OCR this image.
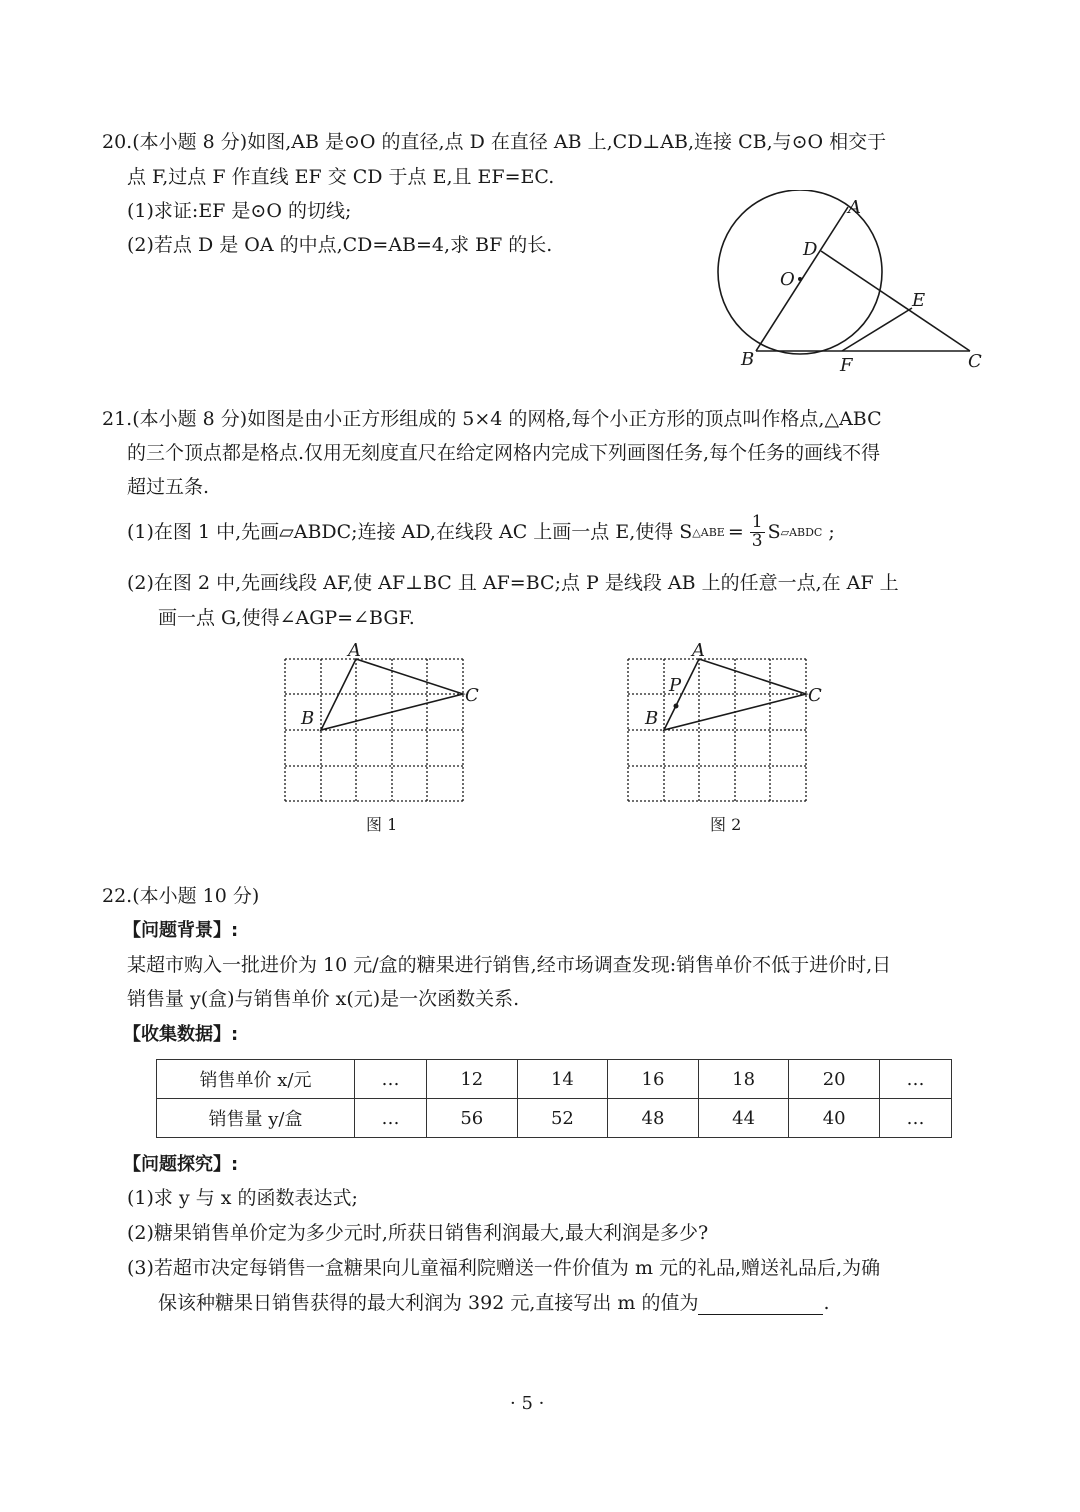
20.(本小题 8 分)如图,AB 是⊙O 的直径,点 D 在直径 AB 上,CD⊥AB,连接 CB,与⊙O 相交于
点 F,过点 F 作直线 EF 交 CD 于点 E,且 EF=EC.
(1)求证:EF 是⊙O 的切线;
(2)若点 D 是 OA 的中点,CD=AB=4,求 BF 的长.
A
D
O
E
B	F	C
21.(本小题 8 分)如图是由小正方形组成的 5×4 的网格,每个小正方形的顶点叫作格点,△ABC
的三个顶点都是格点.仅用无刻度直尺在给定网格内完成下列画图任务,每个任务的画线不得
超过五条.
(1)在图 1 中,先画▱ABDC;连接 AD,在线段 AC 上画一点 E,使得 S △ABE = $\frac{1}{3}$ S ▱ABDC ;
(2)在图 2 中,先画线段 AF,使 AF⊥BC 且 AF=BC;点 P 是线段 AB 上的任意一点,在 AF 上
画一点 G,使得∠AGP=∠BGF.
A
B
C
图 1
A
P
B
C
图 2
22.(本小题 10 分)
【问题背景】:
某超市购入一批进价为 10 元/盒的糖果进行销售,经市场调查发现:销售单价不低于进价时,日
销售量 y(盒)与销售单价 x(元)是一次函数关系.
【收集数据】:
销售单价 x/元	…	12	14	16	18	20	…
销售量 y/盒	…	56	52	48	44	40	…
【问题探究】:
(1)求 y 与 x 的函数表达式;
(2)糖果销售单价定为多少元时,所获日销售利润最大,最大利润是多少?
(3)若超市决定每销售一盒糖果向儿童福利院赠送一件价值为 m 元的礼品,赠送礼品后,为确
保该种糖果日销售获得的最大利润为 392 元,直接写出 m 的值为	.
· 5 ·
